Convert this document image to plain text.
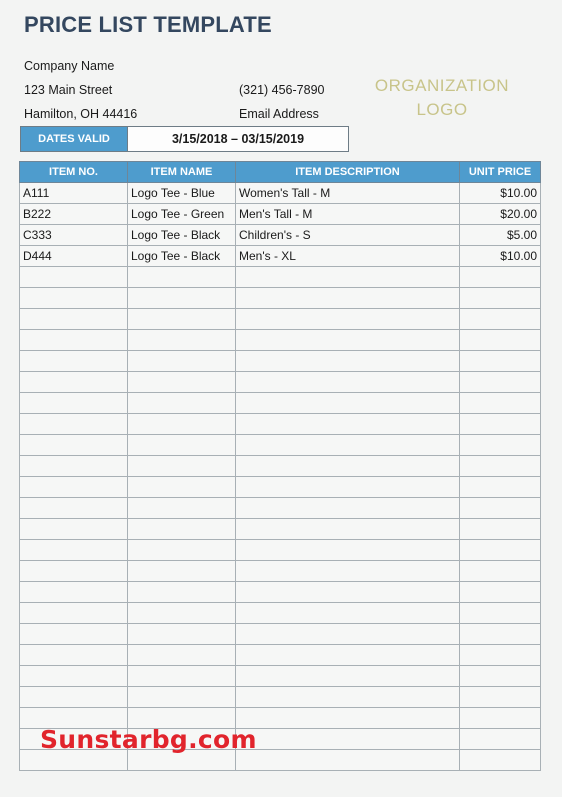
PRICE LIST TEMPLATE
Company Name
123 Main Street
Hamilton, OH 44416
(321) 456-7890
Email Address
ORGANIZATION
LOGO
DATES VALID	3/15/2018 – 03/15/2019
ITEM NO.	ITEM NAME	ITEM DESCRIPTION	UNIT PRICE
A111	Logo Tee - Blue	Women's Tall - M	$10.00
B222	Logo Tee - Green	Men's Tall - M	$20.00
C333	Logo Tee - Black	Children's - S	$5.00
D444	Logo Tee - Black	Men's - XL	$10.00

Sunstarbg.com
